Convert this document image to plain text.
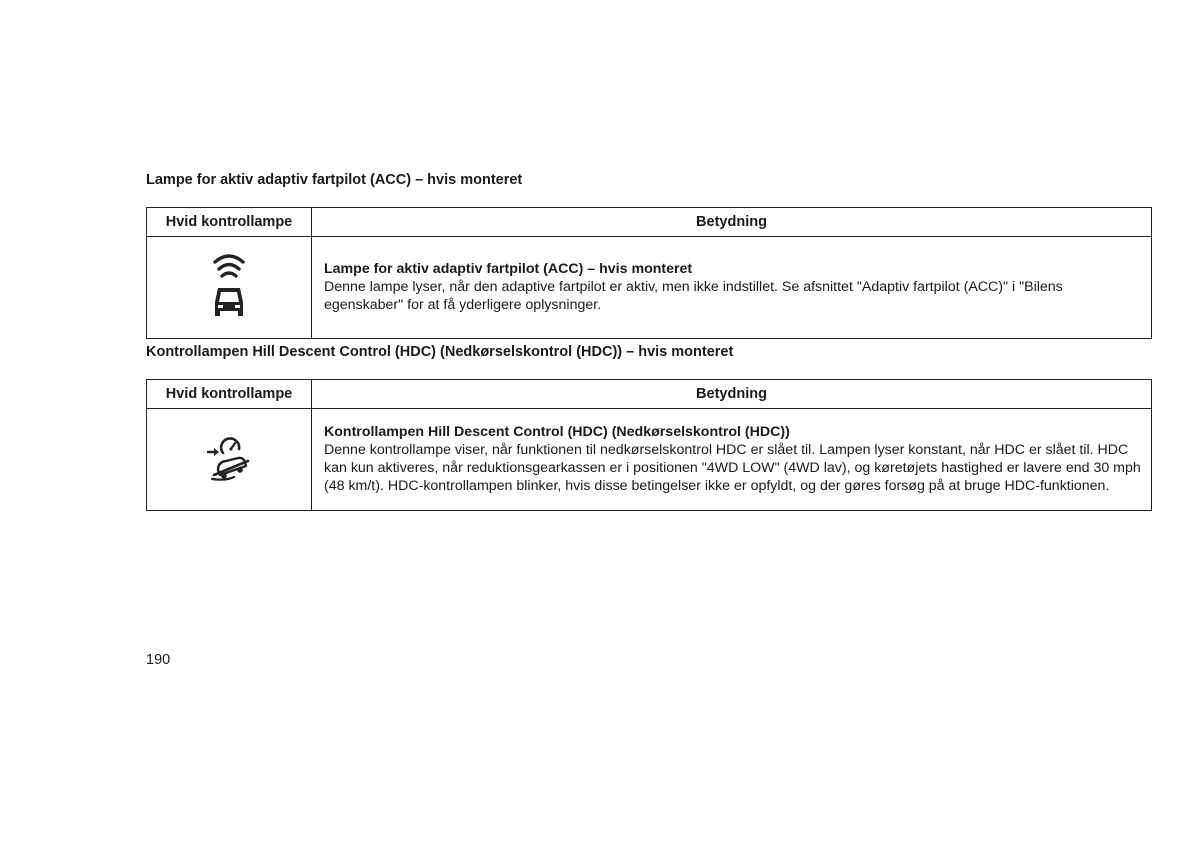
Lampe for aktiv adaptiv fartpilot (ACC) – hvis monteret
Hvid kontrollampe	Betydning

Lampe for aktiv adaptiv fartpilot (ACC) – hvis monteret
Denne lampe lyser, når den adaptive fartpilot er aktiv, men ikke indstillet. Se afsnittet "Adaptiv fartpilot (ACC)" i "Bilens egenskaber" for at få yderligere oplysninger.
Kontrollampen Hill Descent Control (HDC) (Nedkørselskontrol (HDC)) – hvis monteret
Hvid kontrollampe	Betydning

Kontrollampen Hill Descent Control (HDC) (Nedkørselskontrol (HDC))
Denne kontrollampe viser, når funktionen til nedkørselskontrol HDC er slået til. Lampen lyser konstant, når HDC er slået til. HDC kan kun aktiveres, når reduktionsgearkassen er i positionen "4WD LOW" (4WD lav), og køretøjets hastighed er lavere end 30 mph (48 km/t). HDC-kontrollampen blinker, hvis disse betingelser ikke er opfyldt, og der gøres forsøg på at bruge HDC-funktionen.
190
